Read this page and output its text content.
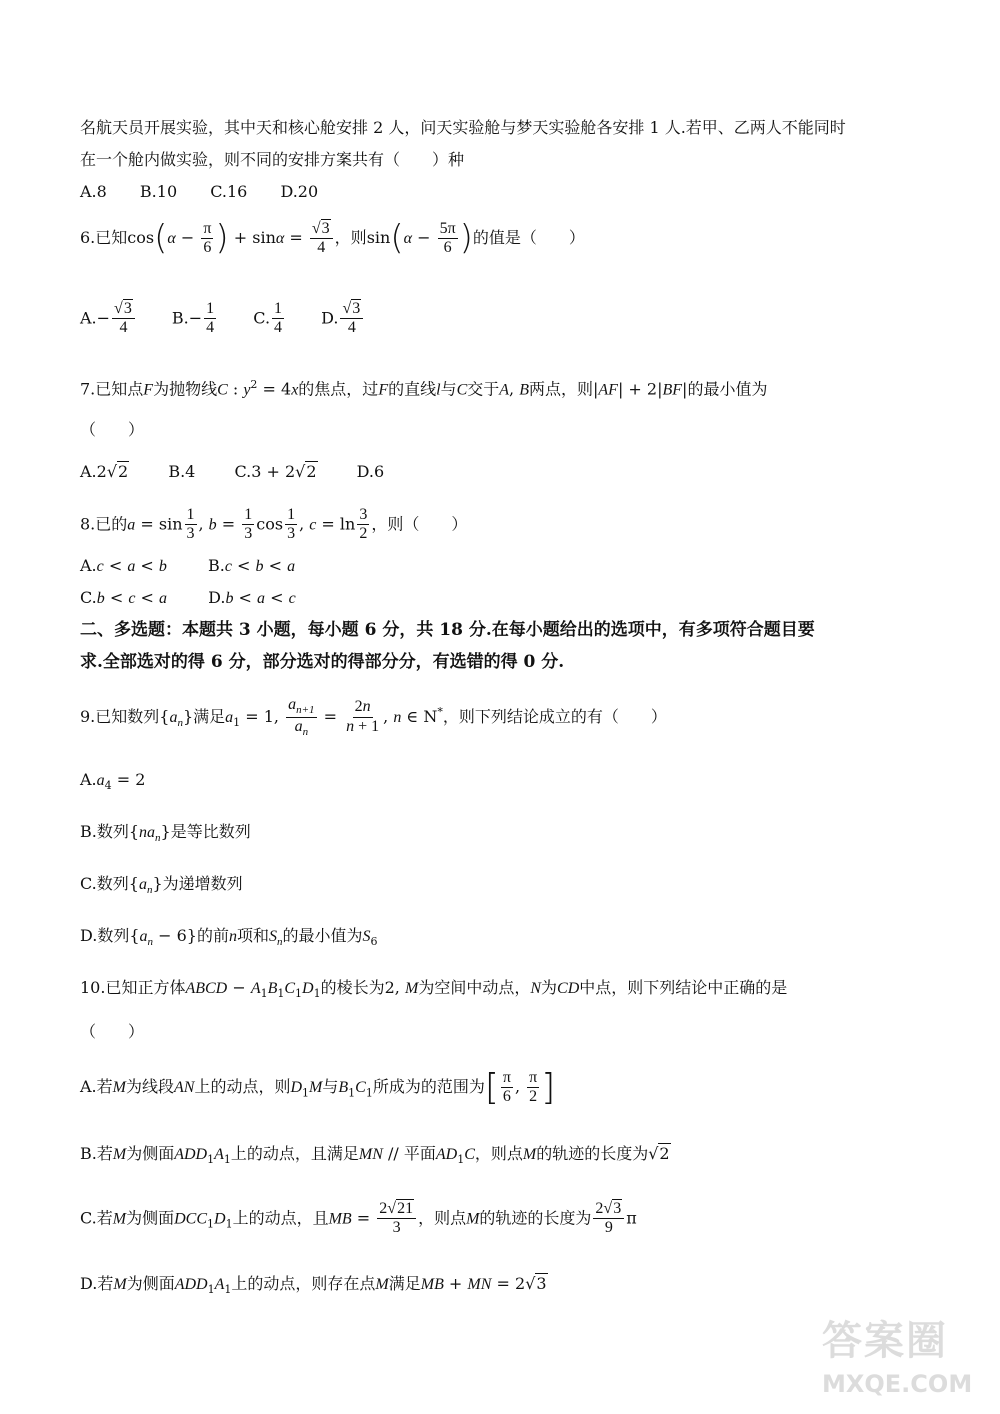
名航天员开展实验，其中天和核心舱安排 2 人，问天实验舱与梦天实验舱各安排 1 人.若甲、乙两人不能同时
在一个舱内做实验，则不同的安排方案共有（　　）种
A.8 B.10 C.16 D.20
6.已知$\cos(\alpha - \frac{\pi}{6}$ ) + $\sin\alpha = \frac{√3}{4}$ ，则$\sin(\alpha - \frac{5\pi}{6}$ )的值是（　　）
$A.- \frac{√3}{4} B.- \frac{1}{4} C$. $\frac{1}{4} D$. $\frac{√3}{4}$
7.已知点F为抛物线C : $y^2 = 4x$的焦点，过F的直线l与C交于A, B两点，则|AF| + 2|BF|的最小值为
（　　）
A.2√2	B.4 C.3 + 2√2	D.6
8.已的$a = \sin \frac{1}{3}$ , $b = \frac{1}{3}$ $\cos \frac{1}{3}$ , $c = \ln \frac{3}{2}$ ，则（　　）
A.c < a < b	B.c < b < a
C.b < c < a	D.b < a < c
二、多选题：本题共 3 小题，每小题 6 分，共 18 分.在每小题给出的选项中，有多项符合题目要
求.全部选对的得 6 分，部分选对的得部分分，有选错的得 0 分.
9.已知数列$\{a_n\}$满足$a_1 = 1$, $\frac{a_{n+1}}{a_n} = \frac{2n}{n + 1}$ , n ∈ N*，则下列结论成立的有（　　）
$A.a_4 = 2$
B.数列$\{na_n\}$是等比数列
C.数列$\{a_n\}$为递增数列
D.数列$\{a_n - 6\}$的前n项和$S_n$的最小值为$S_6$
10.已知正方体ABCD − $A_1B_1C_1D_1$的棱长为2, M为空间中动点，N为CD中点，则下列结论中正确的是
（　　）
A.若M为线段AN上的动点，则$D_1M$与$B_1C_1$所成为的范围为[ $\frac{\pi}{6}$ , $\frac{\pi}{2}$ ]
B.若M为侧面$ADD_1A_1$上的动点，且满足MN // 平面$AD_1C$，则点M的轨迹的长度为√2
C.若M为侧面$DCC_1D_1$上的动点，且MB = $\frac{2√21}{3}$ ，则点M的轨迹的长度为 $\frac{2√3}{9}$ π
D.若M为侧面$ADD_1A_1$上的动点，则存在点M满足MB + MN = 2√3
答案圈
MXQE.COM
